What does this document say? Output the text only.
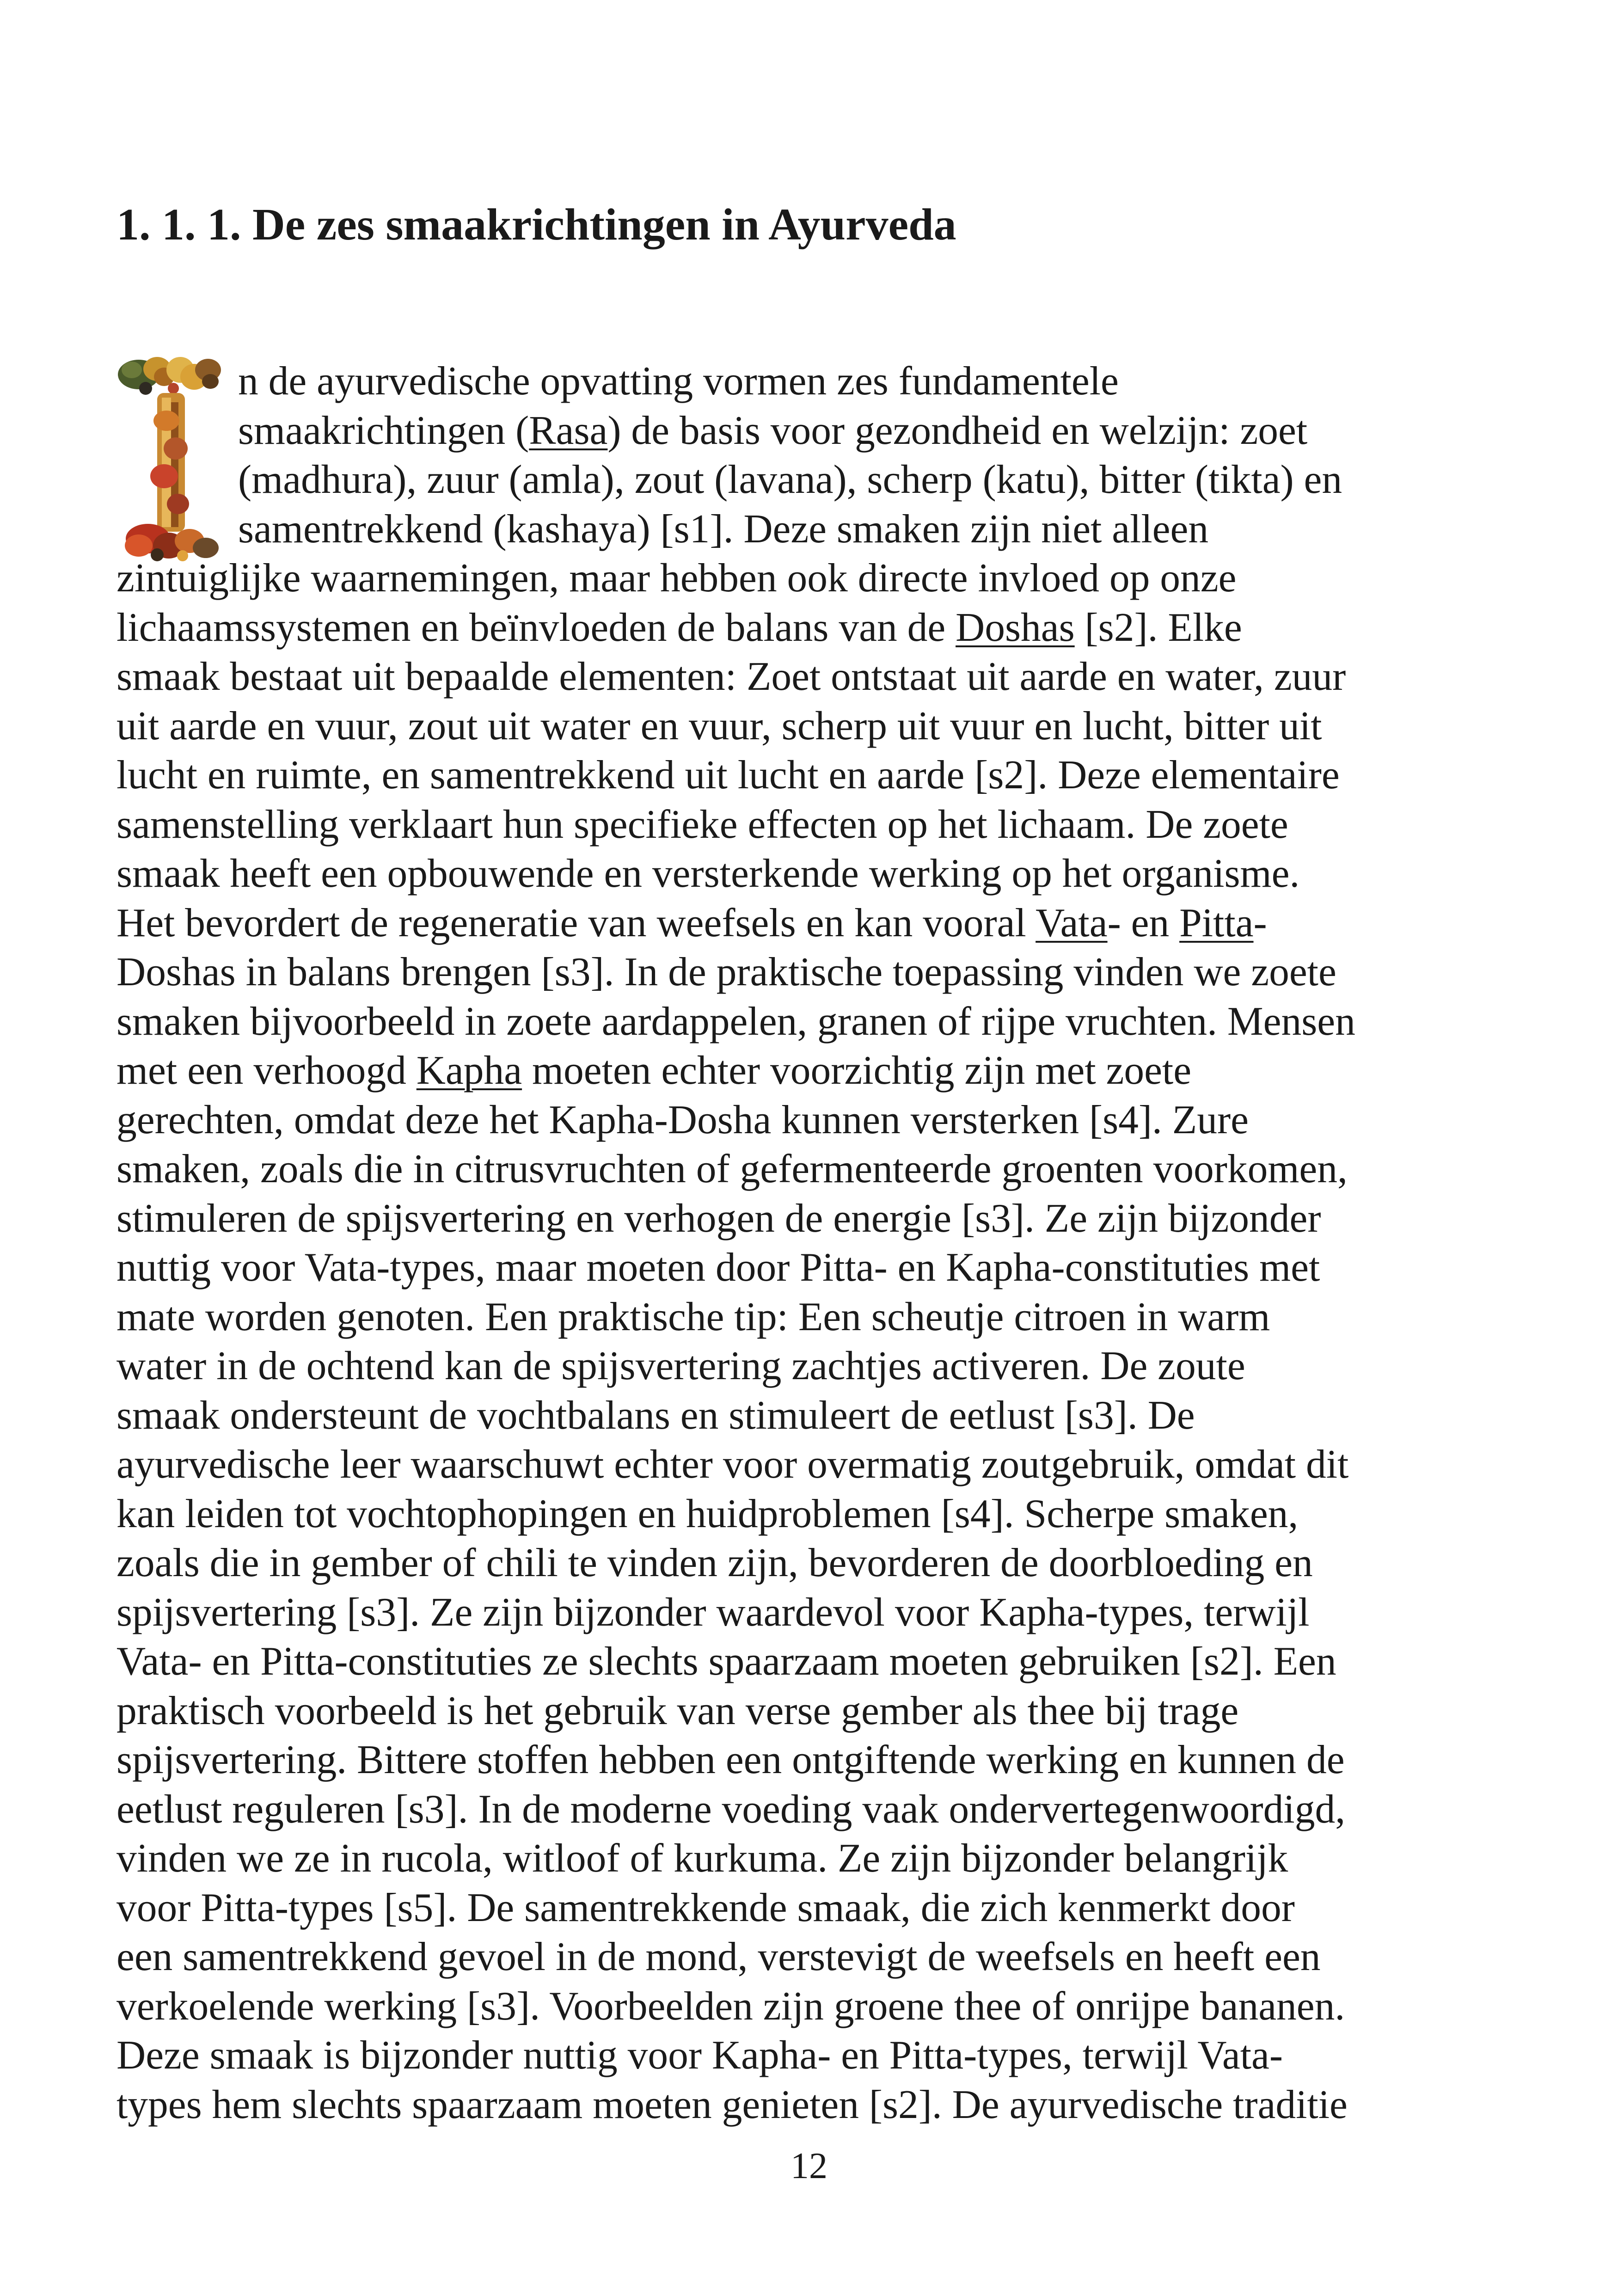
1. 1. 1. De zes smaakrichtingen in Ayurveda
n de ayurvedische opvatting vormen zes fundamentele
smaakrichtingen (Rasa) de basis voor gezondheid en welzijn: zoet
(madhura), zuur (amla), zout (lavana), scherp (katu), bitter (tikta) en
samentrekkend (kashaya) [s1]. Deze smaken zijn niet alleen
zintuiglijke waarnemingen, maar hebben ook directe invloed op onze
lichaamssystemen en beïnvloeden de balans van de Doshas [s2]. Elke
smaak bestaat uit bepaalde elementen: Zoet ontstaat uit aarde en water, zuur
uit aarde en vuur, zout uit water en vuur, scherp uit vuur en lucht, bitter uit
lucht en ruimte, en samentrekkend uit lucht en aarde [s2]. Deze elementaire
samenstelling verklaart hun specifieke effecten op het lichaam. De zoete
smaak heeft een opbouwende en versterkende werking op het organisme.
Het bevordert de regeneratie van weefsels en kan vooral Vata- en Pitta-
Doshas in balans brengen [s3]. In de praktische toepassing vinden we zoete
smaken bijvoorbeeld in zoete aardappelen, granen of rijpe vruchten. Mensen
met een verhoogd Kapha moeten echter voorzichtig zijn met zoete
gerechten, omdat deze het Kapha-Dosha kunnen versterken [s4]. Zure
smaken, zoals die in citrusvruchten of gefermenteerde groenten voorkomen,
stimuleren de spijsvertering en verhogen de energie [s3]. Ze zijn bijzonder
nuttig voor Vata-types, maar moeten door Pitta- en Kapha-constituties met
mate worden genoten. Een praktische tip: Een scheutje citroen in warm
water in de ochtend kan de spijsvertering zachtjes activeren. De zoute
smaak ondersteunt de vochtbalans en stimuleert de eetlust [s3]. De
ayurvedische leer waarschuwt echter voor overmatig zoutgebruik, omdat dit
kan leiden tot vochtophopingen en huidproblemen [s4]. Scherpe smaken,
zoals die in gember of chili te vinden zijn, bevorderen de doorbloeding en
spijsvertering [s3]. Ze zijn bijzonder waardevol voor Kapha-types, terwijl
Vata- en Pitta-constituties ze slechts spaarzaam moeten gebruiken [s2]. Een
praktisch voorbeeld is het gebruik van verse gember als thee bij trage
spijsvertering. Bittere stoffen hebben een ontgiftende werking en kunnen de
eetlust reguleren [s3]. In de moderne voeding vaak ondervertegenwoordigd,
vinden we ze in rucola, witloof of kurkuma. Ze zijn bijzonder belangrijk
voor Pitta-types [s5]. De samentrekkende smaak, die zich kenmerkt door
een samentrekkend gevoel in de mond, verstevigt de weefsels en heeft een
verkoelende werking [s3]. Voorbeelden zijn groene thee of onrijpe bananen.
Deze smaak is bijzonder nuttig voor Kapha- en Pitta-types, terwijl Vata-
types hem slechts spaarzaam moeten genieten [s2]. De ayurvedische traditie
12
